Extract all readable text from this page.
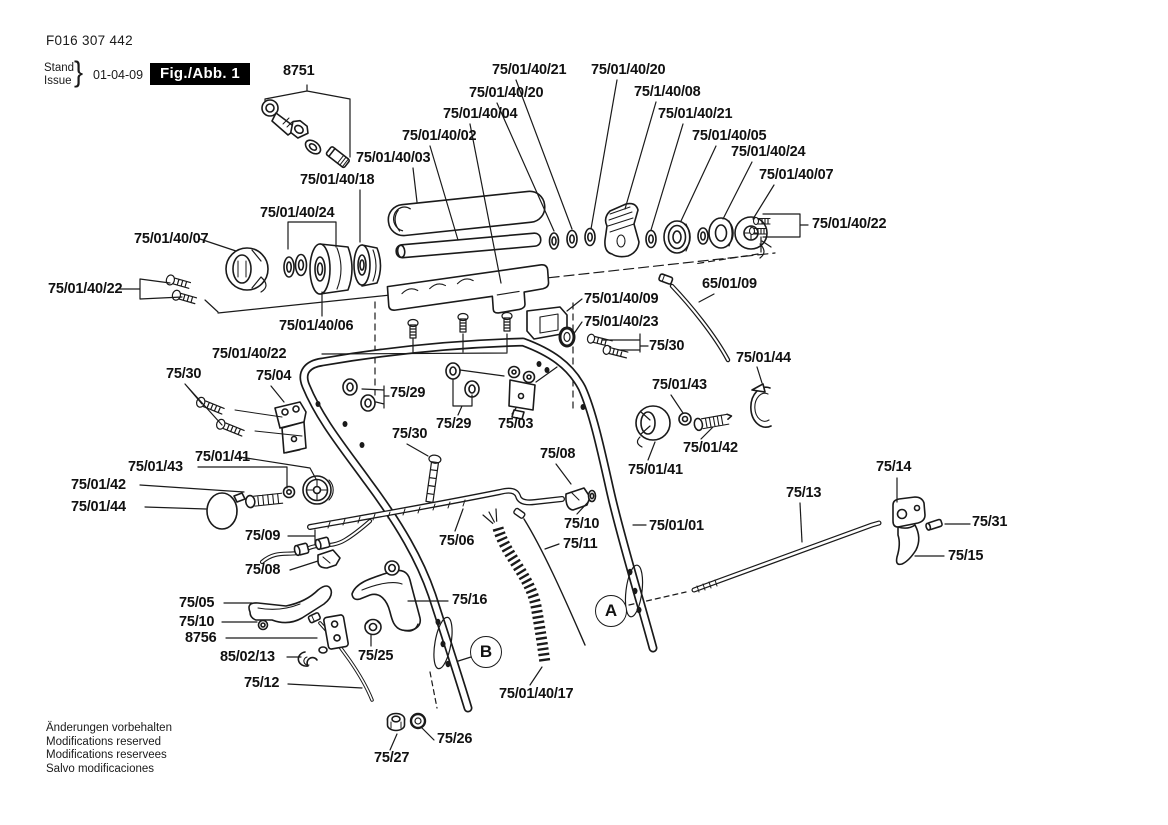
F016 307 442
Stand
Issue } 01-04-09	Fig./Abb. 1	8751	75/01/40/21 75/01/40/20
75/01/40/20	75/1/40/08
75/01/40/04	75/01/40/21
75/01/40/02	75/01/40/05
75/01/40/03	75/01/40/24
75/01/40/18	75/01/40/07
75/01/40/24
75/01/40/22
75/01/40/07
75/01/40/22	65/01/09
75/01/40/09
75/01/40/23
75/01/40/06
75/30
75/01/44
75/01/40/22
75/30	75/04
75/29	75/01/43
75/29 75/03
75/30
75/01/42
75/08
75/01/41
75/01/43
75/01/41
75/14
75/01/42	75/13
75/01/44
75/10	75/01/01	75/31
75/09	75/06	75/11
75/15
75/08
75/16
75/05
75/10
8756
85/02/13	75/25
75/12
75/01/40/17
75/26
75/27
A
B
Änderungen vorbehalten
Modifications reserved
Modifications reservees
Salvo modificaciones
